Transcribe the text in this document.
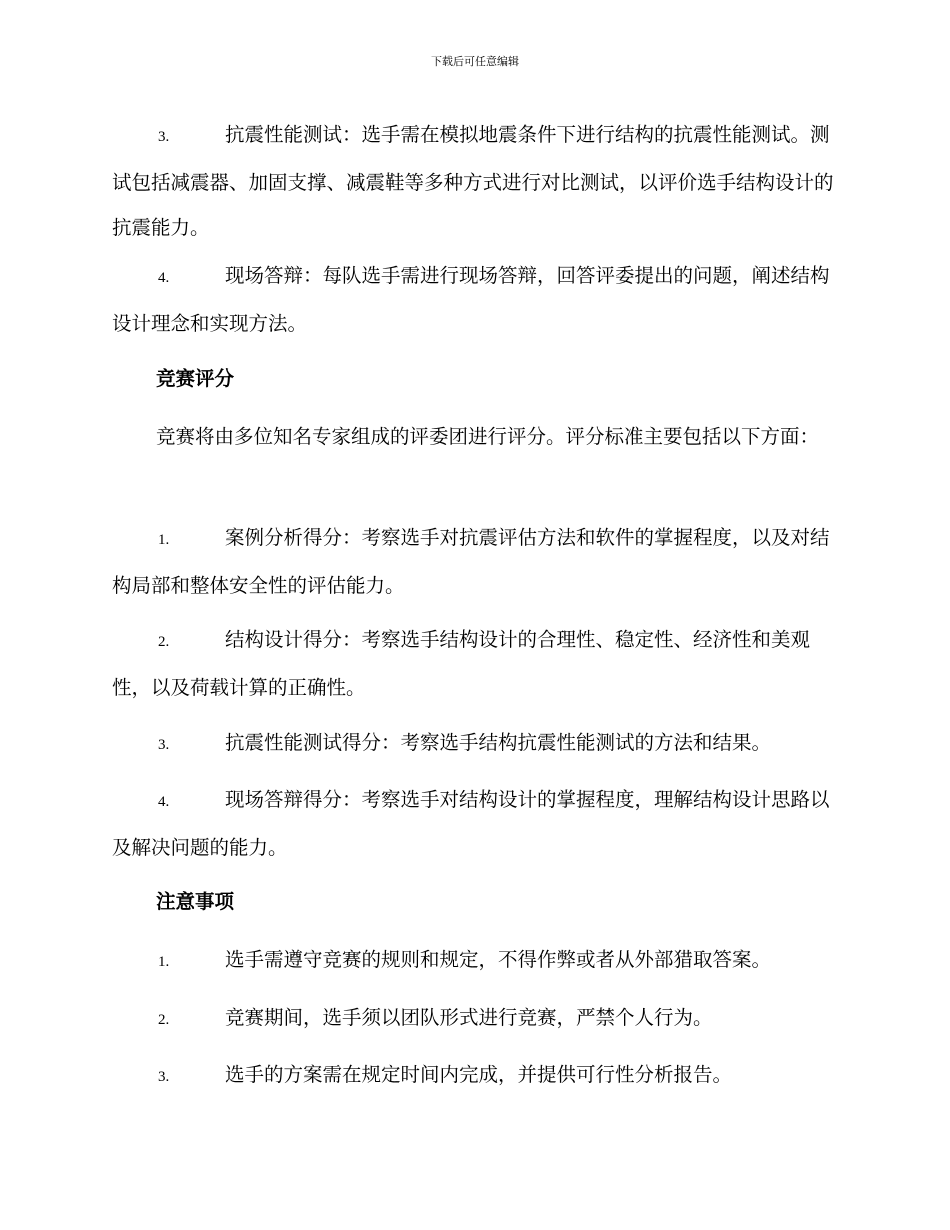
下载后可任意编辑
3.	抗震性能测试：选手需在模拟地震条件下进行结构的抗震性能测试。测试包括减震器、加固支撑、减震鞋等多种方式进行对比测试，以评价选手结构设计的抗震能力。
4.	现场答辩：每队选手需进行现场答辩，回答评委提出的问题，阐述结构设计理念和实现方法。
竞赛评分
竞赛将由多位知名专家组成的评委团进行评分。评分标准主要包括以下方面：
1.	案例分析得分：考察选手对抗震评估方法和软件的掌握程度，以及对结构局部和整体安全性的评估能力。
2.	结构设计得分：考察选手结构设计的合理性、稳定性、经济性和美观性，以及荷载计算的正确性。
3.	抗震性能测试得分：考察选手结构抗震性能测试的方法和结果。
4.	现场答辩得分：考察选手对结构设计的掌握程度，理解结构设计思路以及解决问题的能力。
注意事项
1.	选手需遵守竞赛的规则和规定，不得作弊或者从外部猎取答案。
2.	竞赛期间，选手须以团队形式进行竞赛，严禁个人行为。
3.	选手的方案需在规定时间内完成，并提供可行性分析报告。
